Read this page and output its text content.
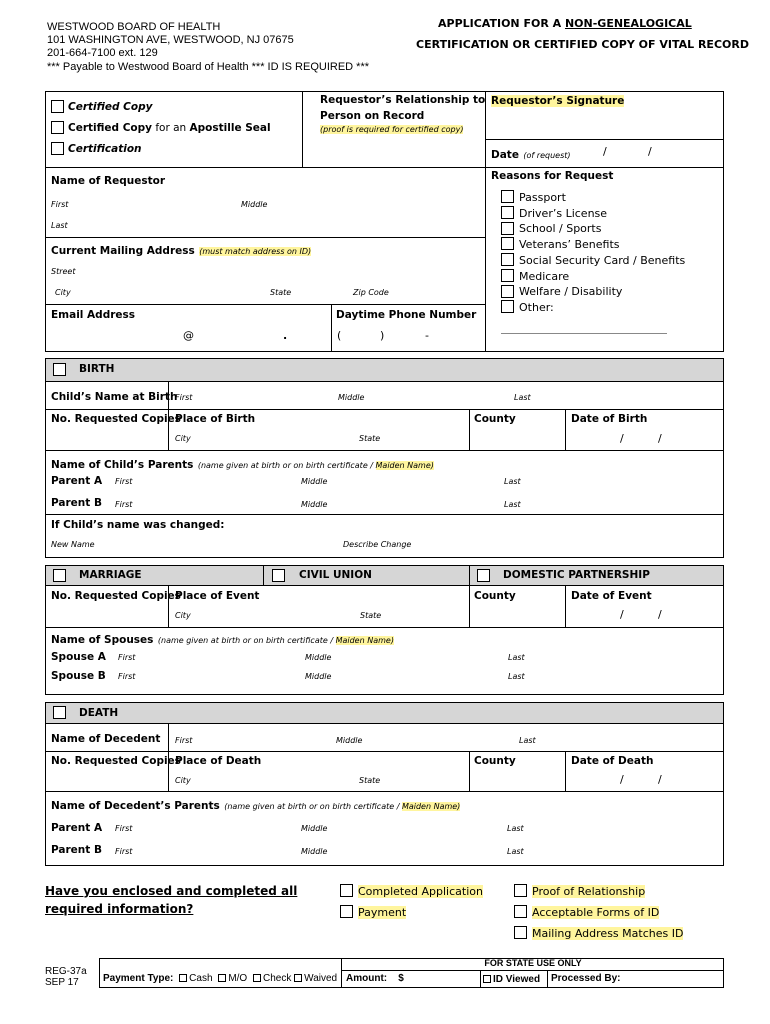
WESTWOOD BOARD OF HEALTH
101 WASHINGTON AVE, WESTWOOD, NJ 07675
201-664-7100 ext. 129
*** Payable to Westwood Board of Health *** ID IS REQUIRED ***
APPLICATION FOR A NON-GENEALOGICAL
CERTIFICATION OR CERTIFIED COPY OF VITAL RECORD
Certified Copy
Certified Copy for an Apostille Seal
Certification
Requestor’s Relationship to
Person on Record
(proof is required for certified copy)
Requestor’s Signature
Date (of request)	/	/
Name of Requestor
First	Middle
Last
Current Mailing Address (must match address on ID)
Street
City	State	Zip Code
Email Address
@	.
Daytime Phone Number
(	)	-
Reasons for Request
Passport
Driver’s License
School / Sports
Veterans’ Benefits
Social Security Card / Benefits
Medicare
Welfare / Disability
Other:
BIRTH
Child’s Name at Birth
First	Middle	Last
No. Requested Copies
Place of Birth
City	State
County	Date of Birth
/	/
Name of Child’s Parents (name given at birth or on birth certificate / Maiden Name)
Parent A First	Middle	Last
Parent B First	Middle	Last
If Child’s name was changed:
New Name	Describe Change
MARRIAGE	CIVIL UNION	DOMESTIC PARTNERSHIP
No. Requested Copies
Place of Event
City	State
County	Date of Event
/	/
Name of Spouses (name given at birth or on birth certificate / Maiden Name)
Spouse A First	Middle	Last
Spouse B First	Middle	Last
DEATH
Name of Decedent First	Middle	Last
No. Requested Copies
Place of Death
City	State
County	Date of Death
/	/
Name of Decedent’s Parents (name given at birth or on birth certificate / Maiden Name)
Parent A First	Middle	Last
Parent B First	Middle	Last
Have you enclosed and completed all
required information?
Completed Application
Payment
Proof of Relationship
Acceptable Forms of ID
Mailing Address Matches ID
REG-37a
SEP 17
FOR STATE USE ONLY
Payment Type: Cash M/O Check Waived Amount: $	ID Viewed Processed By:
